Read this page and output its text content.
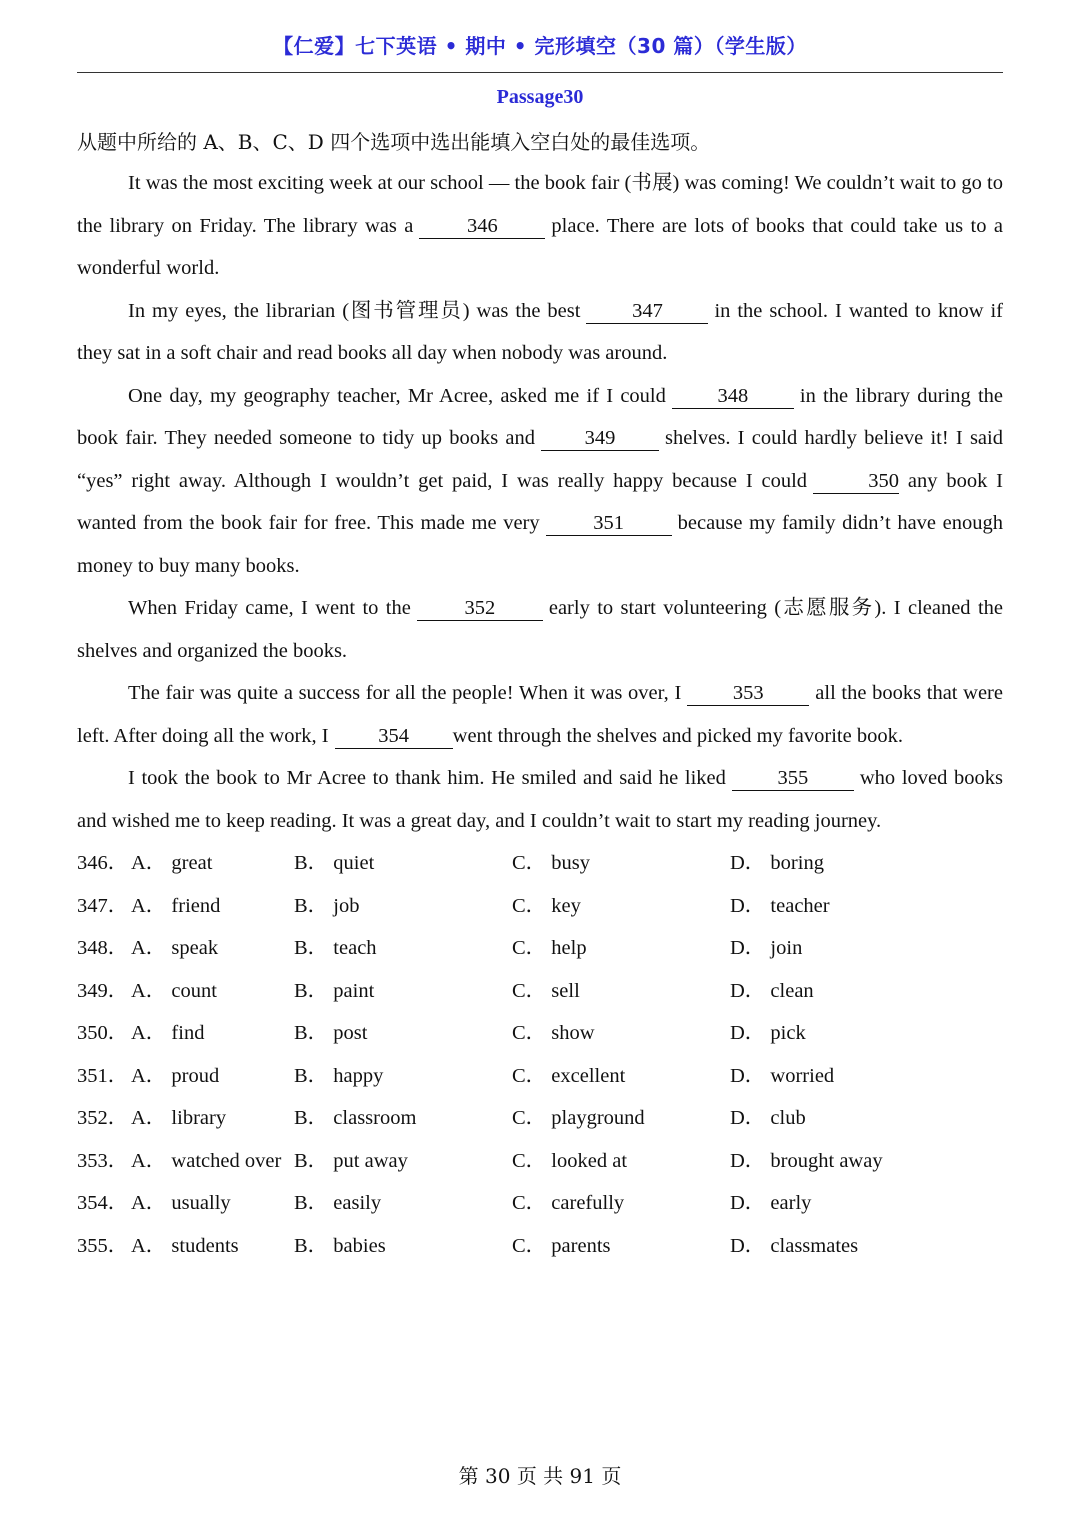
【仁爱】七下英语 • 期中 • 完形填空（30 篇）（学生版）
Passage30
从题中所给的 A、B、C、D 四个选项中选出能填入空白处的最佳选项。

It was the most exciting week at our school — the book fair (书展) was coming! We couldn’t wait to go to the library on Friday. The library was a	346	place. There are lots of books that could take us to a wonderful world.

In my eyes, the librarian (图书管理员) was the best	347	in the school. I wanted to know if they sat in a soft chair and read books all day when nobody was around.

One day, my geography teacher, Mr Acree, asked me if I could	348	in the library during the book fair. They needed someone to tidy up books and 349 shelves. I could hardly believe it! I said “yes” right away. Although I wouldn’t get paid, I was really happy because I could	350 any book I wanted from the book fair for free. This made me very	351	because my family didn’t have enough money to buy many books.

When Friday came, I went to the	352	early to start volunteering (志愿服务). I cleaned the shelves and organized the books.

The fair was quite a success for all the people! When it was over, I	353	all the books that were left. After doing all the work, I 354 went through the shelves and picked my favorite book.

I took the book to Mr Acree to thank him. He smiled and said he liked	355	who loved books and wished me to keep reading. It was a great day, and I couldn’t wait to start my reading journey.

346． A． great	B． quiet	C． busy	D． boring
347． A． friend	B． job	C． key	D． teacher
348． A． speak	B． teach	C． help	D． join
349． A． count	B． paint	C． sell	D． clean
350． A． find	B． post	C． show	D． pick
351． A． proud	B． happy	C． excellent	D． worried
352． A． library	B． classroom	C． playground	D． club
353． A． watched over B． put away	C． looked at	D． brought away
354． A． usually	B． easily	C． carefully	D． early
355． A． students	B． babies	C． parents	D． classmates
第 30 页 共 91 页
